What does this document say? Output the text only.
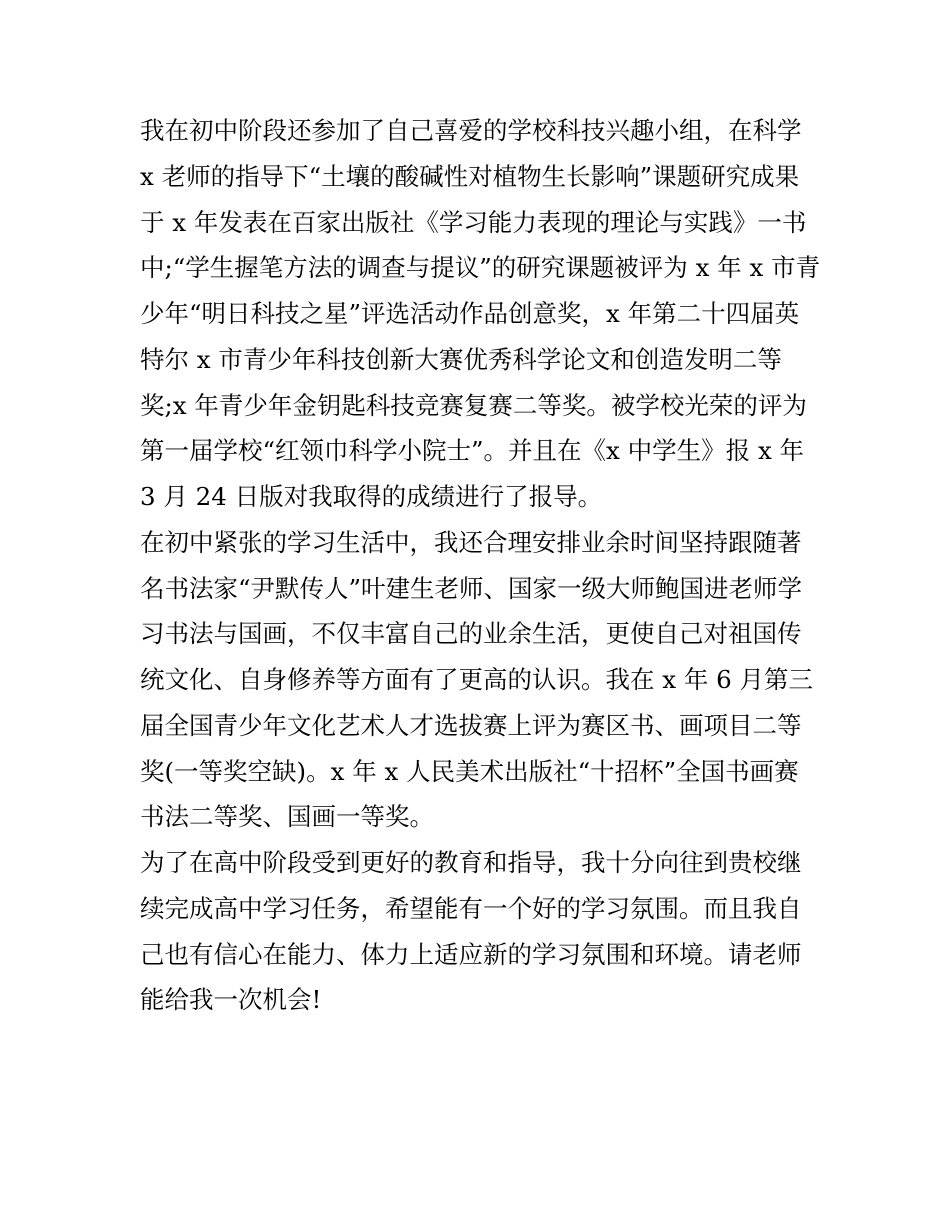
我在初中阶段还参加了自己喜爱的学校科技兴趣小组，在科学
x 老师的指导下“土壤的酸碱性对植物生长影响”课题研究成果
于 x 年发表在百家出版社《学习能力表现的理论与实践》一书
中;“学生握笔方法的调查与提议”的研究课题被评为 x 年 x 市青
少年“明日科技之星”评选活动作品创意奖，x 年第二十四届英
特尔 x 市青少年科技创新大赛优秀科学论文和创造发明二等
奖;x 年青少年金钥匙科技竞赛复赛二等奖。被学校光荣的评为
第一届学校“红领巾科学小院士”。并且在《x 中学生》报 x 年
3 月 24 日版对我取得的成绩进行了报导。
在初中紧张的学习生活中，我还合理安排业余时间坚持跟随著
名书法家“尹默传人”叶建生老师、国家一级大师鲍国进老师学
习书法与国画，不仅丰富自己的业余生活，更使自己对祖国传
统文化、自身修养等方面有了更高的认识。我在 x 年 6 月第三
届全国青少年文化艺术人才选拔赛上评为赛区书、画项目二等
奖(一等奖空缺)。x 年 x 人民美术出版社“十招杯”全国书画赛
书法二等奖、国画一等奖。
为了在高中阶段受到更好的教育和指导，我十分向往到贵校继
续完成高中学习任务，希望能有一个好的学习氛围。而且我自
己也有信心在能力、体力上适应新的学习氛围和环境。请老师
能给我一次机会!
